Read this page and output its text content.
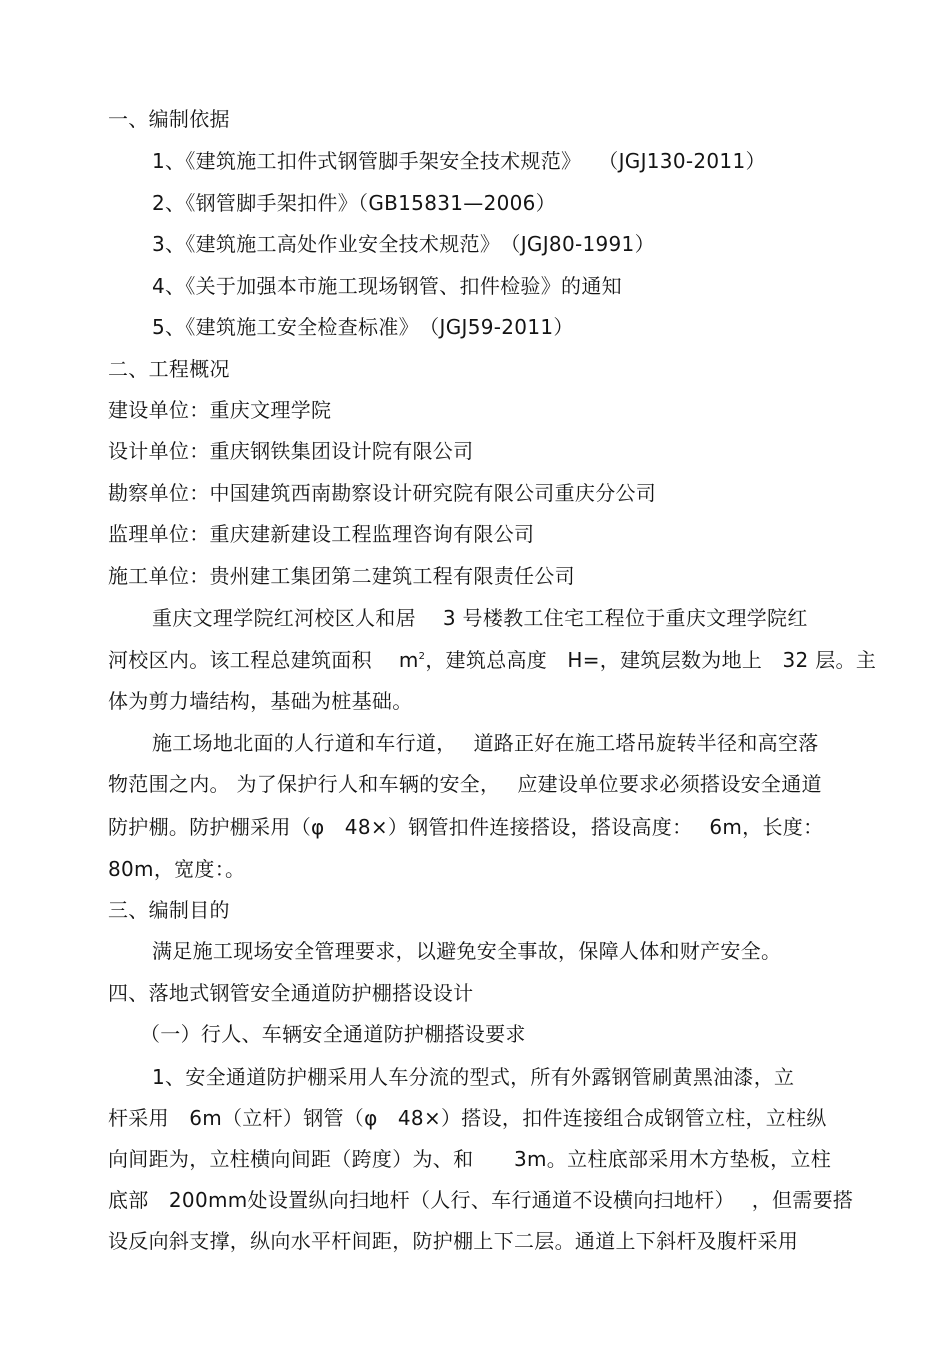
一、编制依据
1、《建筑施工扣件式钢管脚手架安全技术规范》　 （JGJ130-2011）
2、《钢管脚手架扣件》（GB15831—2006）
3、《建筑施工高处作业安全技术规范》　（JGJ80-1991）
4、《关于加强本市施工现场钢管、扣件检验》的通知
5、《建筑施工安全检查标准》　（JGJ59-2011）
二、工程概况
建设单位：重庆文理学院
设计单位：重庆钢铁集团设计院有限公司
勘察单位：中国建筑西南勘察设计研究院有限公司重庆分公司
监理单位：重庆建新建设工程监理咨询有限公司
施工单位：贵州建工集团第二建筑工程有限责任公司
重庆文理学院红河校区人和居　 3 号楼教工住宅工程位于重庆文理学院红
河校区内。该工程总建筑面积　 $m^2$，建筑总高度　H=，建筑层数为地上　32 层。主
体为剪力墙结构，基础为桩基础。
施工场地北面的人行道和车行道，　 道路正好在施工塔吊旋转半径和高空落
物范围之内。 为了保护行人和车辆的安全，　 应建设单位要求必须搭设安全通道
防护棚。防护棚采用（φ　48×）钢管扣件连接搭设，搭设高度：　 6m，长度：
80m，宽度：。
三、编制目的
满足施工现场安全管理要求，以避免安全事故，保障人体和财产安全。
四、落地式钢管安全通道防护棚搭设设计
（一）行人、车辆安全通道防护棚搭设要求
1、安全通道防护棚采用人车分流的型式，所有外露钢管刷黄黑油漆，立
杆采用　6m（立杆）钢管（φ　48×）搭设，扣件连接组合成钢管立柱，立柱纵
向间距为，立柱横向间距（跨度）为、和　　3m。立柱底部采用木方垫板，立柱
底部　200mm处设置纵向扫地杆（人行、车行通道不设横向扫地杆）　 ，但需要搭
设反向斜支撑，纵向水平杆间距，防护棚上下二层。通道上下斜杆及腹杆采用
